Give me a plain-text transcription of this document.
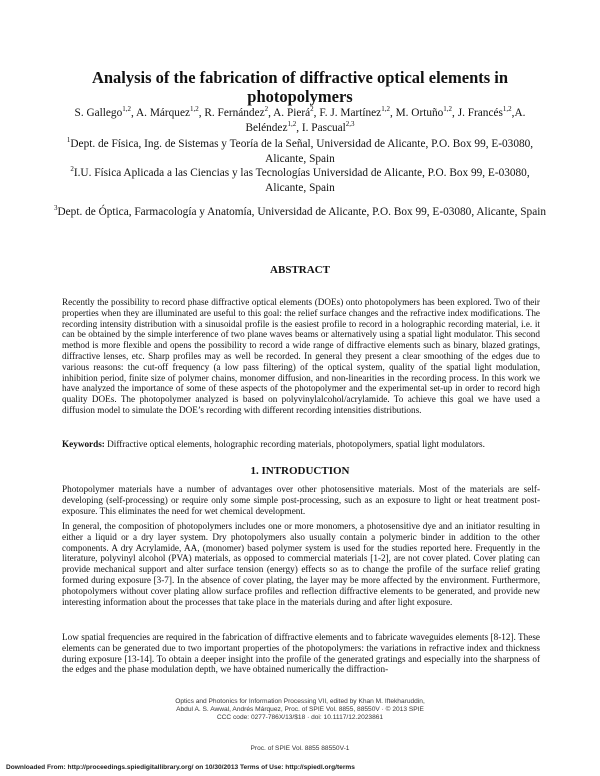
Analysis of the fabrication of diffractive optical elements in photopolymers
S. Gallego$^{1,2}$, A. Márquez$^{1,2}$, R. Fernández$^2$, A. Pierá$^2$, F. J. Martínez$^{1,2}$, M. Ortuño$^{1,2}$, J. Francés$^{1,2}$,A. Beléndez$^{1,2}$, I. Pascual$^{2,3}$
$^1$Dept. de Física, Ing. de Sistemas y Teoría de la Señal, Universidad de Alicante, P.O. Box 99, E-03080, Alicante, Spain
$^2$I.U. Física Aplicada a las Ciencias y las Tecnologías Universidad de Alicante, P.O. Box 99, E-03080, Alicante, Spain
$^3$Dept. de Óptica, Farmacología y Anatomía, Universidad de Alicante, P.O. Box 99, E-03080, Alicante, Spain
ABSTRACT
Recently the possibility to record phase diffractive optical elements (DOEs) onto photopolymers has been explored. Two of their properties when they are illuminated are useful to this goal: the relief surface changes and the refractive index modifications. The recording intensity distribution with a sinusoidal profile is the easiest profile to record in a holographic recording material, i.e. it can be obtained by the simple interference of two plane waves beams or alternatively using a spatial light modulator. This second method is more flexible and opens the possibility to record a wide range of diffractive elements such as binary, blazed gratings, diffractive lenses, etc. Sharp profiles may as well be recorded. In general they present a clear smoothing of the edges due to various reasons: the cut-off frequency (a low pass filtering) of the optical system, quality of the spatial light modulation, inhibition period, finite size of polymer chains, monomer diffusion, and non-linearities in the recording process. In this work we have analyzed the importance of some of these aspects of the photopolymer and the experimental set-up in order to record high quality DOEs. The photopolymer analyzed is based on polyvinylalcohol/acrylamide. To achieve this goal we have used a diffusion model to simulate the DOE’s recording with different recording intensities distributions.
Keywords: Diffractive optical elements, holographic recording materials, photopolymers, spatial light modulators.
1. INTRODUCTION
Photopolymer materials have a number of advantages over other photosensitive materials. Most of the materials are self-developing (self-processing) or require only some simple post-processing, such as an exposure to light or heat treatment post-exposure. This eliminates the need for wet chemical development.
In general, the composition of photopolymers includes one or more monomers, a photosensitive dye and an initiator resulting in either a liquid or a dry layer system. Dry photopolymers also usually contain a polymeric binder in addition to the other components. A dry Acrylamide, AA, (monomer) based polymer system is used for the studies reported here. Frequently in the literature, polyvinyl alcohol (PVA) materials, as opposed to commercial materials [1-2], are not cover plated. Cover plating can provide mechanical support and alter surface tension (energy) effects so as to change the profile of the surface relief grating formed during exposure [3-7]. In the absence of cover plating, the layer may be more affected by the environment. Furthermore, photopolymers without cover plating allow surface profiles and reflection diffractive elements to be generated, and provide new interesting information about the processes that take place in the materials during and after light exposure.
Low spatial frequencies are required in the fabrication of diffractive elements and to fabricate waveguides elements [8-12]. These elements can be generated due to two important properties of the photopolymers: the variations in refractive index and thickness during exposure [13-14]. To obtain a deeper insight into the profile of the generated gratings and especially into the sharpness of the edges and the phase modulation depth, we have obtained numerically the diffraction-
Optics and Photonics for Information Processing VII, edited by Khan M. Iftekharuddin,
Abdul A. S. Awwal, Andrés Márquez, Proc. of SPIE Vol. 8855, 88550V · © 2013 SPIE
CCC code: 0277-786X/13/$18 · doi: 10.1117/12.2023861
Proc. of SPIE Vol. 8855 88550V-1
Downloaded From: http://proceedings.spiedigitallibrary.org/ on 10/30/2013 Terms of Use: http://spiedl.org/terms
